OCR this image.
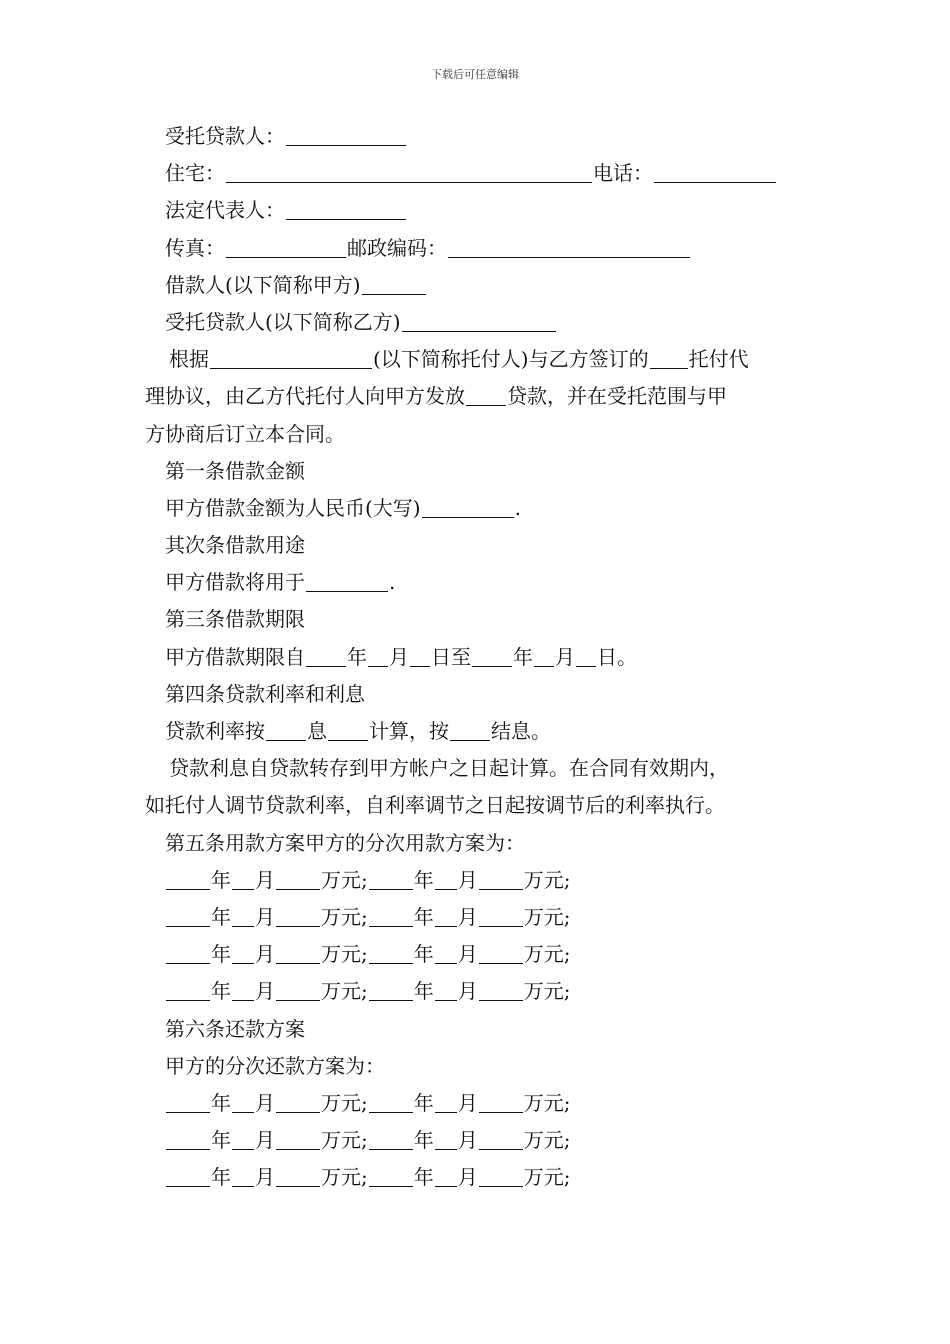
下载后可任意编辑
受托贷款人：
住宅：	电话：
法定代表人：
传真：	邮政编码：
借款人(以下简称甲方)
受托贷款人(以下简称乙方)
根据	(以下简称托付人)与乙方签订的 托付代
理协议，由乙方代托付人向甲方发放 贷款，并在受托范围与甲
方协商后订立本合同。
第一条借款金额
甲方借款金额为人民币(大写)	.
其次条借款用途
甲方借款将用于	.
第三条借款期限
甲方借款期限自 年 月 日至 年 月 日。
第四条贷款利率和利息
贷款利率按 息 计算，按 结息。
贷款利息自贷款转存到甲方帐户之日起计算。在合同有效期内，
如托付人调节贷款利率，自利率调节之日起按调节后的利率执行。
第五条用款方案甲方的分次用款方案为：
年 月 万元; 年 月 万元;
年 月 万元; 年 月 万元;
年 月 万元; 年 月 万元;
年 月 万元; 年 月 万元;
第六条还款方案
甲方的分次还款方案为：
年 月 万元; 年 月 万元;
年 月 万元; 年 月 万元;
年 月 万元; 年 月 万元;
